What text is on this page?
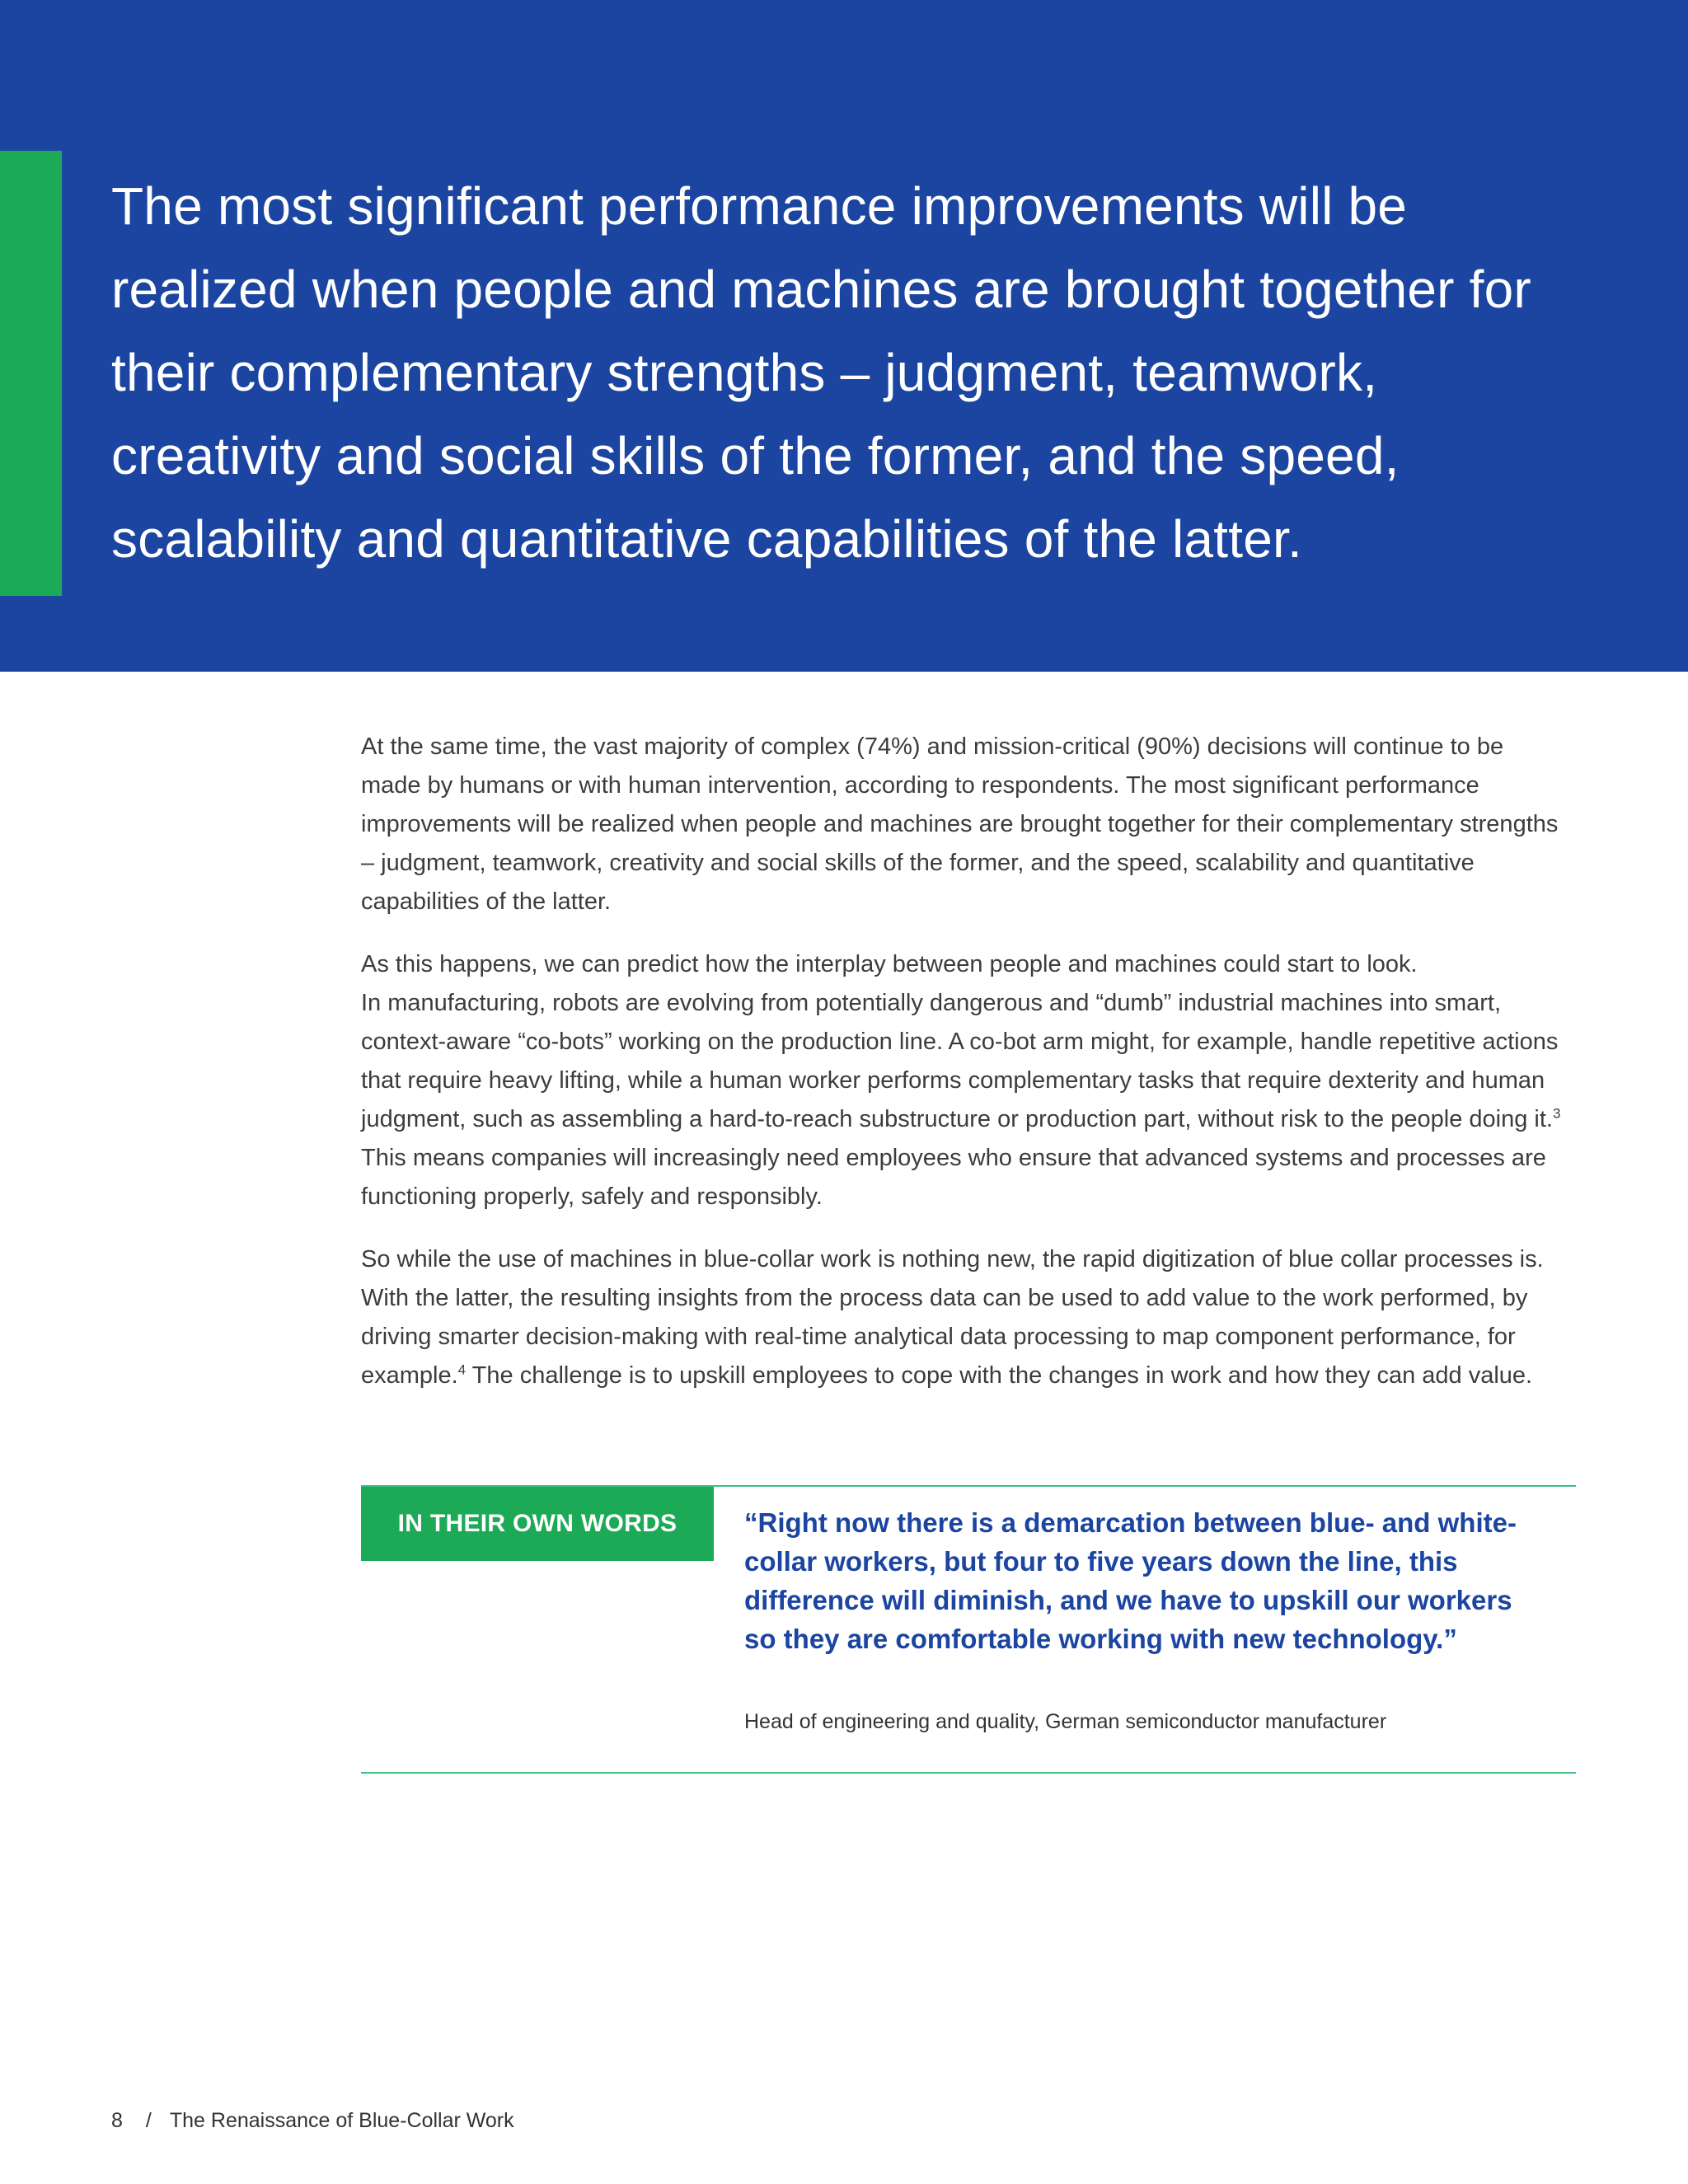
The most significant performance improvements will be realized when people and machines are brought together for their complementary strengths – judgment, teamwork, creativity and social skills of the former, and the speed, scalability and quantitative capabilities of the latter.

At the same time, the vast majority of complex (74%) and mission-critical (90%) decisions will continue to be made by humans or with human intervention, according to respondents. The most significant performance improvements will be realized when people and machines are brought together for their complementary strengths – judgment, teamwork, creativity and social skills of the former, and the speed, scalability and quantitative capabilities of the latter.

As this happens, we can predict how the interplay between people and machines could start to look.
In manufacturing, robots are evolving from potentially dangerous and “dumb” industrial machines into smart, context-aware “co-bots” working on the production line. A co-bot arm might, for example, handle repetitive actions that require heavy lifting, while a human worker performs complementary tasks that require dexterity and human judgment, such as assembling a hard-to-reach substructure or production part, without risk to the people doing it.$^3$ This means companies will increasingly need employees who ensure that advanced systems and processes are functioning properly, safely and responsibly.

So while the use of machines in blue-collar work is nothing new, the rapid digitization of blue collar processes is. With the latter, the resulting insights from the process data can be used to add value to the work performed, by driving smarter decision-making with real-time analytical data processing to map component performance, for example.$^4$ The challenge is to upskill employees to cope with the changes in work and how they can add value.

IN THEIR OWN WORDS	“Right now there is a demarcation between blue- and white-collar workers, but four to five years down the line, this difference will diminish, and we have to upskill our workers so they are comfortable working with new technology.”

Head of engineering and quality, German semiconductor manufacturer

8 / The Renaissance of Blue-Collar Work
